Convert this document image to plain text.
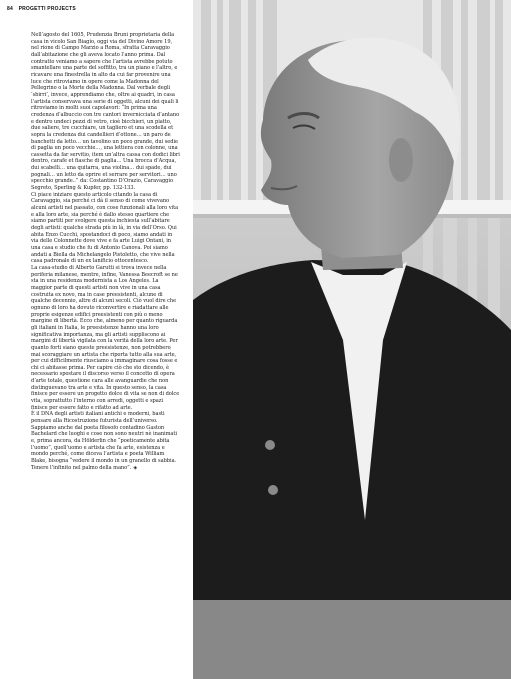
84 PROGETTI PROJECTS

Nell’agosto del 1605, Prudenzia Bruni proprietaria della casa in vicolo San Biagio, oggi via del Divino Amore 19, nel rione di Campo Marzio a Roma, sfratta Caravaggio dall’abitazione che gli aveva locato l’anno prima. Dal contratto veniamo a sapere che l’artista avrebbe potuto smantellare una parte del soffitto, tra un piano e l’altro, e ricavare una finestrella in alto da cui far provenire una luce che ritroviamo in opere come la Madonna del Pellegrino o la Morte della Madonna. Dal verbale degli ‘sbirri’, invece, apprendiamo che, oltre ai quadri, in casa l’artista conservava una serie di oggetti, alcuni dei quali li ritroviamo in molti suoi capolavori: “In prima una credenza d’albuccio con tre cantori invernicciata d’antano e dentro undeci pezzi di vetro, cioè bicchieri, un piatto, due saliere, tre cucchiare, un tagliero et una scodella et sopra la credenza dui candellieri d’ottone… un paro de banchetti da letto… un tavolino un poco grande, dui sedie di paglia un poco vecchie…, una lettiera con colonne, una cassetta da far servitio, item un’altra cassa con dodici libri dentro, carafe et fiasche di paglia… Una brocca d’Acqua, dui scabelli… una quitarra, una violina… dui spade, dui pognali… un letto da oprire et serrare per servitori… uno specchio grande..” da: Costantino D’Orazio, Caravaggio Segreto, Sperling & Kupfer, pp. 132-133.

Ci piace iniziare questo articolo citando la casa di Caravaggio, sia perché ci dà il senso di come vivevano alcuni artisti nel passato, con cose funzionali alla loro vita e alla loro arte, sia perché è dallo stesso quartiere che siamo partiti per svolgere questa inchiesta sull’abitare degli artisti: qualche strada più in là, in via dell’Orso. Qui abita Enzo Cucchi, spostandoci di poco, siamo andati in via delle Colonnette dove vive e fa arte Luigi Ontani, in una casa e studio che fu di Antonio Canova. Poi siamo andati a Biella da Michelangelo Pistoletto, che vive nella casa padronale di un ex lanificio ottocentesco.

La casa-studio di Alberto Garutti si trova invece nella periferia milanese, mentre, infine, Vanessa Beecroft se ne sta in una residenza modernista a Los Angeles. La maggior parte di questi artisti non vive in una casa costruita ex novo, ma in case preesistenti, alcune di qualche decennio, altre di alcuni secoli. Ciò vuol dire che ognuno di loro ha dovuto riconvertire e riadattare alle proprie esigenze edifici preesistenti con più o meno margine di libertà. Ecco che, almeno per quanto riguarda gli italiani in Italia, le preesistenze hanno una loro significativa importanza, ma gli artisti suppliscono ai margini di libertà vigilata con la verità della loro arte. Per quanto forti siano queste preesistenze, non potrebbero mai scoraggiare un artista che riporta tutto alla sua arte, per cui difficilmente riusciamo a immaginare cosa fosse e chi ci abitasse prima. Per capire ciò che sto dicendo, è necessario spostare il discorso verso il concetto di opera d’arte totale, questione cara alle avanguardie che non distinguevano tra arte e vita. In questo senso, la casa finisce per essere un progetto dolce di vita se non di dolce vita, soprattutto l’interno con arredi, oggetti e spazi finisce per essere fatto e rifatto ad arte.

È il DNA degli artisti italiani antichi e moderni, basti pensare alla Ricostruzione futurista dell’universo. Sappiamo anche dal poeta filosofo contadino Gaston Bachelard che luoghi e cose non sono neutri nè inanimati e, prima ancora, da Hölderlin che “poeticamente abita l’uomo”, quell’uomo e artista che fa arte, esistenza e mondo perché, come diceva l’artista e poeta William Blake, bisogna “vedere il mondo in un granello di sabbia. Tenere l’infinito nel palmo della mano”. ◈
